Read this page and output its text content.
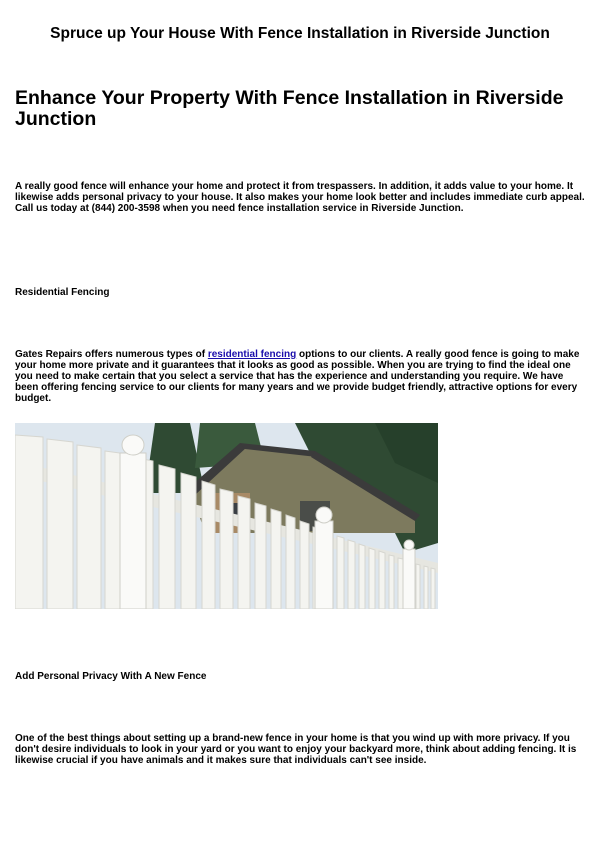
Spruce up Your House With Fence Installation in Riverside Junction
Enhance Your Property With Fence Installation in Riverside Junction

A really good fence will enhance your home and protect it from trespassers. In addition, it adds value to your home. It likewise adds personal privacy to your house. It also makes your home look better and includes immediate curb appeal. Call us today at (844) 200-3598 when you need fence installation service in Riverside Junction.

Residential Fencing

Gates Repairs offers numerous types of residential fencing options to our clients. A really good fence is going to make your home more private and it guarantees that it looks as good as possible. When you are trying to find the ideal one you need to make certain that you select a service that has the experience and understanding you require. We have been offering fencing service to our clients for many years and we provide budget friendly, attractive options for every budget.

Add Personal Privacy With A New Fence

One of the best things about setting up a brand-new fence in your home is that you wind up with more privacy. If you don't desire individuals to look in your yard or you want to enjoy your backyard more, think about adding fencing. It is likewise crucial if you have animals and it makes sure that individuals can't see inside.
